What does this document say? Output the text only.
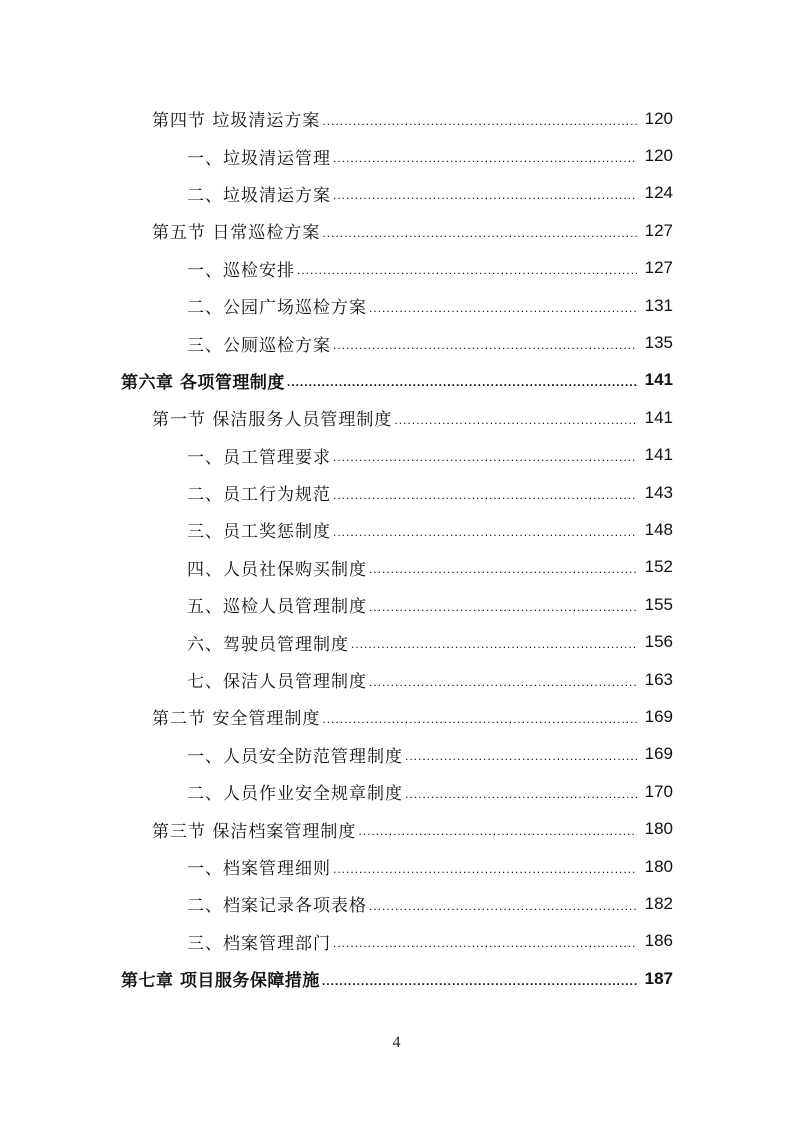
第四节 垃圾清运方案 .....	120
一、垃圾清运管理 .....	120
二、垃圾清运方案 .....	124
第五节 日常巡检方案 .....	127
一、巡检安排 .....	127
二、公园广场巡检方案 .....	131
三、公厕巡检方案 .....	135
第六章 各项管理制度 .....	141
第一节 保洁服务人员管理制度 .....	141
一、员工管理要求 .....	141
二、员工行为规范 .....	143
三、员工奖惩制度 .....	148
四、人员社保购买制度 .....	152
五、巡检人员管理制度 .....	155
六、驾驶员管理制度 .....	156
七、保洁人员管理制度 .....	163
第二节 安全管理制度 .....	169
一、人员安全防范管理制度 .....	169
二、人员作业安全规章制度 .....	170
第三节 保洁档案管理制度 .....	180
一、档案管理细则 .....	180
二、档案记录各项表格 .....	182
三、档案管理部门 .....	186
第七章 项目服务保障措施 .....	187
4
